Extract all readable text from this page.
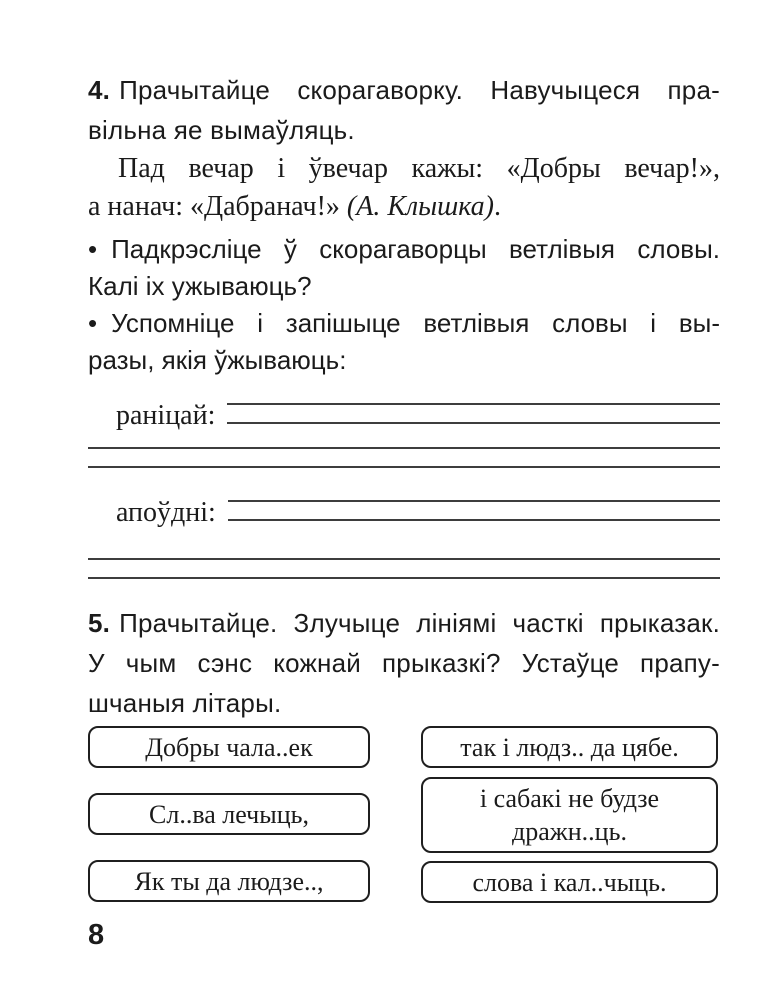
4. Прачытайце скорагаворку. Навучыцеся пра-
вільна яе вымаўляць.
Пад вечар і ўвечар кажы: «Добры вечар!»,
а нанач: «Дабранач!» (А. Клышка).
• Падкрэсліце ў скорагаворцы ветлівыя словы.
Калі іх ужываюць?
• Успомніце і запішыце ветлівыя словы і вы-
разы, якія ўжываюць:
раніцай:
апоўдні:
5. Прачытайце. Злучыце лініямі часткі прыказак.
У чым сэнс кожнай прыказкі? Устаўце прапу-
шчаныя літары.
Добры чала..ек
Сл..ва лечыць,
Як ты да людзе..,
так і людз.. да цябе.
і сабакі не будзе дражн..ць.
слова і кал..чыць.
8
